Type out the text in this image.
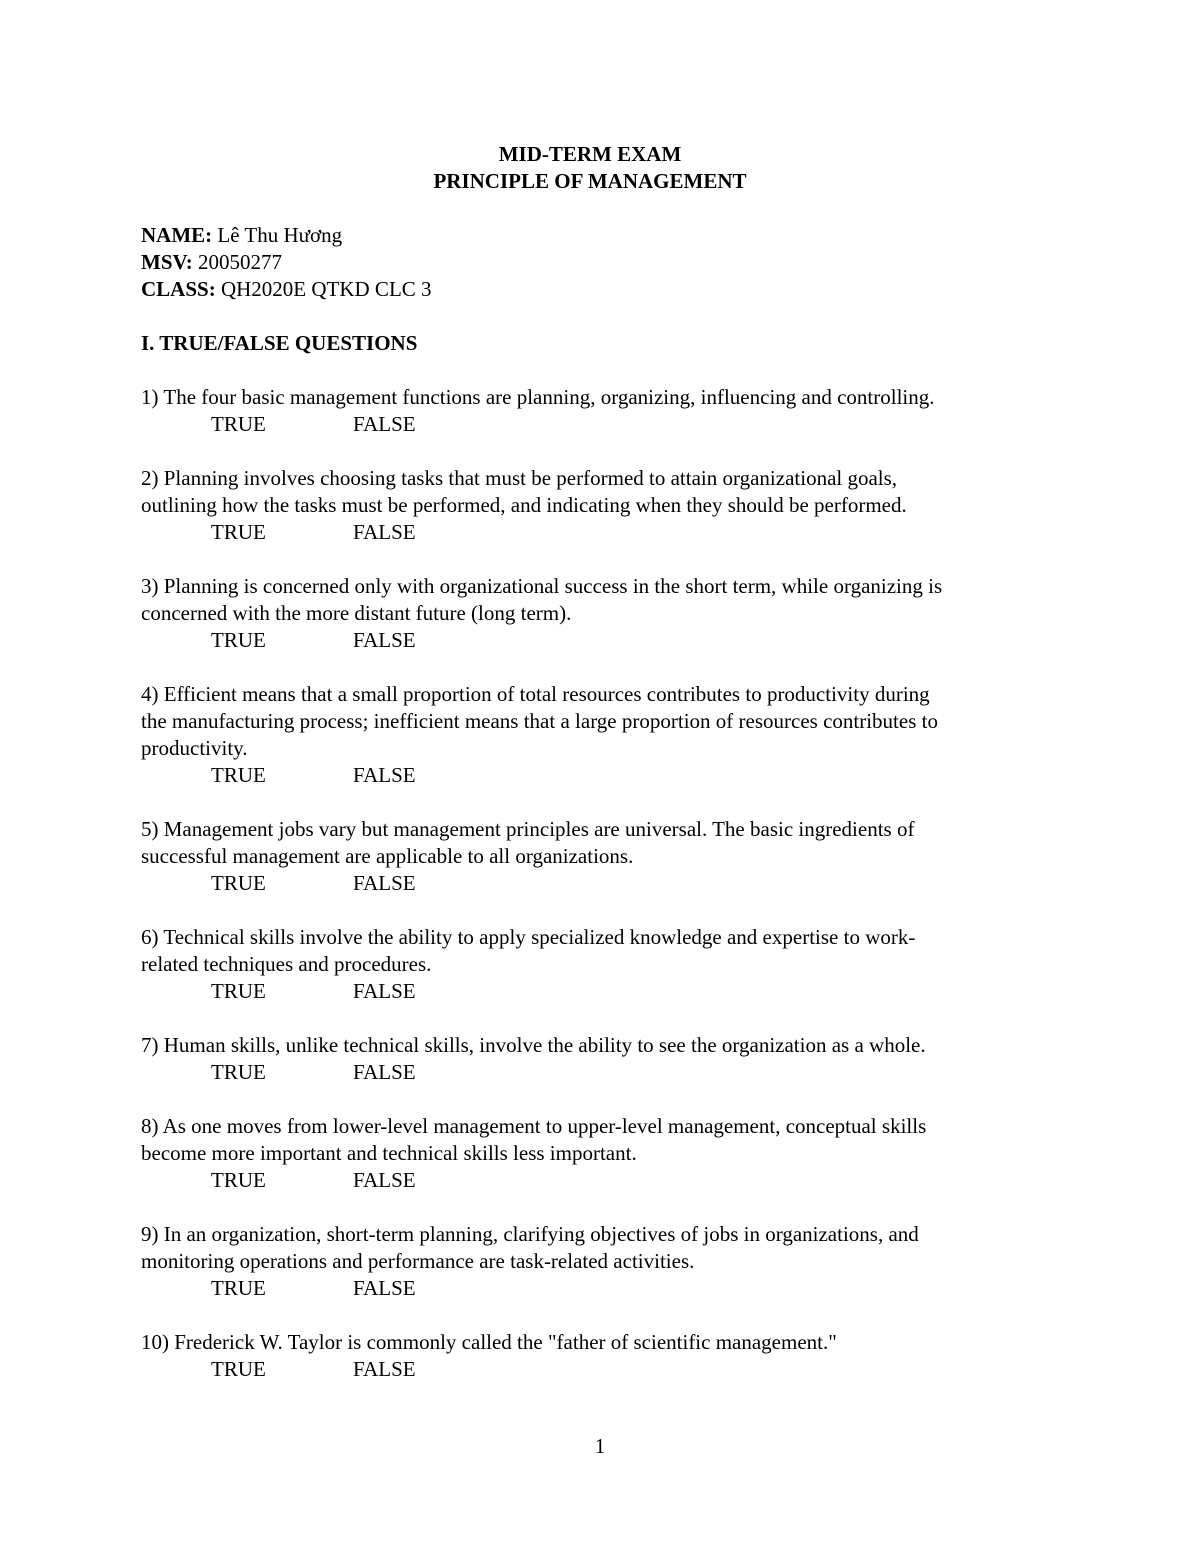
MID-TERM EXAM
PRINCIPLE OF MANAGEMENT
NAME: Lê Thu Hương
MSV: 20050277
CLASS: QH2020E QTKD CLC 3
I. TRUE/FALSE QUESTIONS
1) The four basic management functions are planning, organizing, influencing and controlling.
TRUE	FALSE
2) Planning involves choosing tasks that must be performed to attain organizational goals,
outlining how the tasks must be performed, and indicating when they should be performed.
TRUE	FALSE
3) Planning is concerned only with organizational success in the short term, while organizing is
concerned with the more distant future (long term).
TRUE	FALSE
4) Efficient means that a small proportion of total resources contributes to productivity during
the manufacturing process; inefficient means that a large proportion of resources contributes to
productivity.
TRUE	FALSE
5) Management jobs vary but management principles are universal. The basic ingredients of
successful management are applicable to all organizations.
TRUE	FALSE
6) Technical skills involve the ability to apply specialized knowledge and expertise to work-
related techniques and procedures.
TRUE	FALSE
7) Human skills, unlike technical skills, involve the ability to see the organization as a whole.
TRUE	FALSE
8) As one moves from lower-level management to upper-level management, conceptual skills
become more important and technical skills less important.
TRUE	FALSE
9) In an organization, short-term planning, clarifying objectives of jobs in organizations, and
monitoring operations and performance are task-related activities.
TRUE	FALSE
10) Frederick W. Taylor is commonly called the "father of scientific management."
TRUE	FALSE
1
